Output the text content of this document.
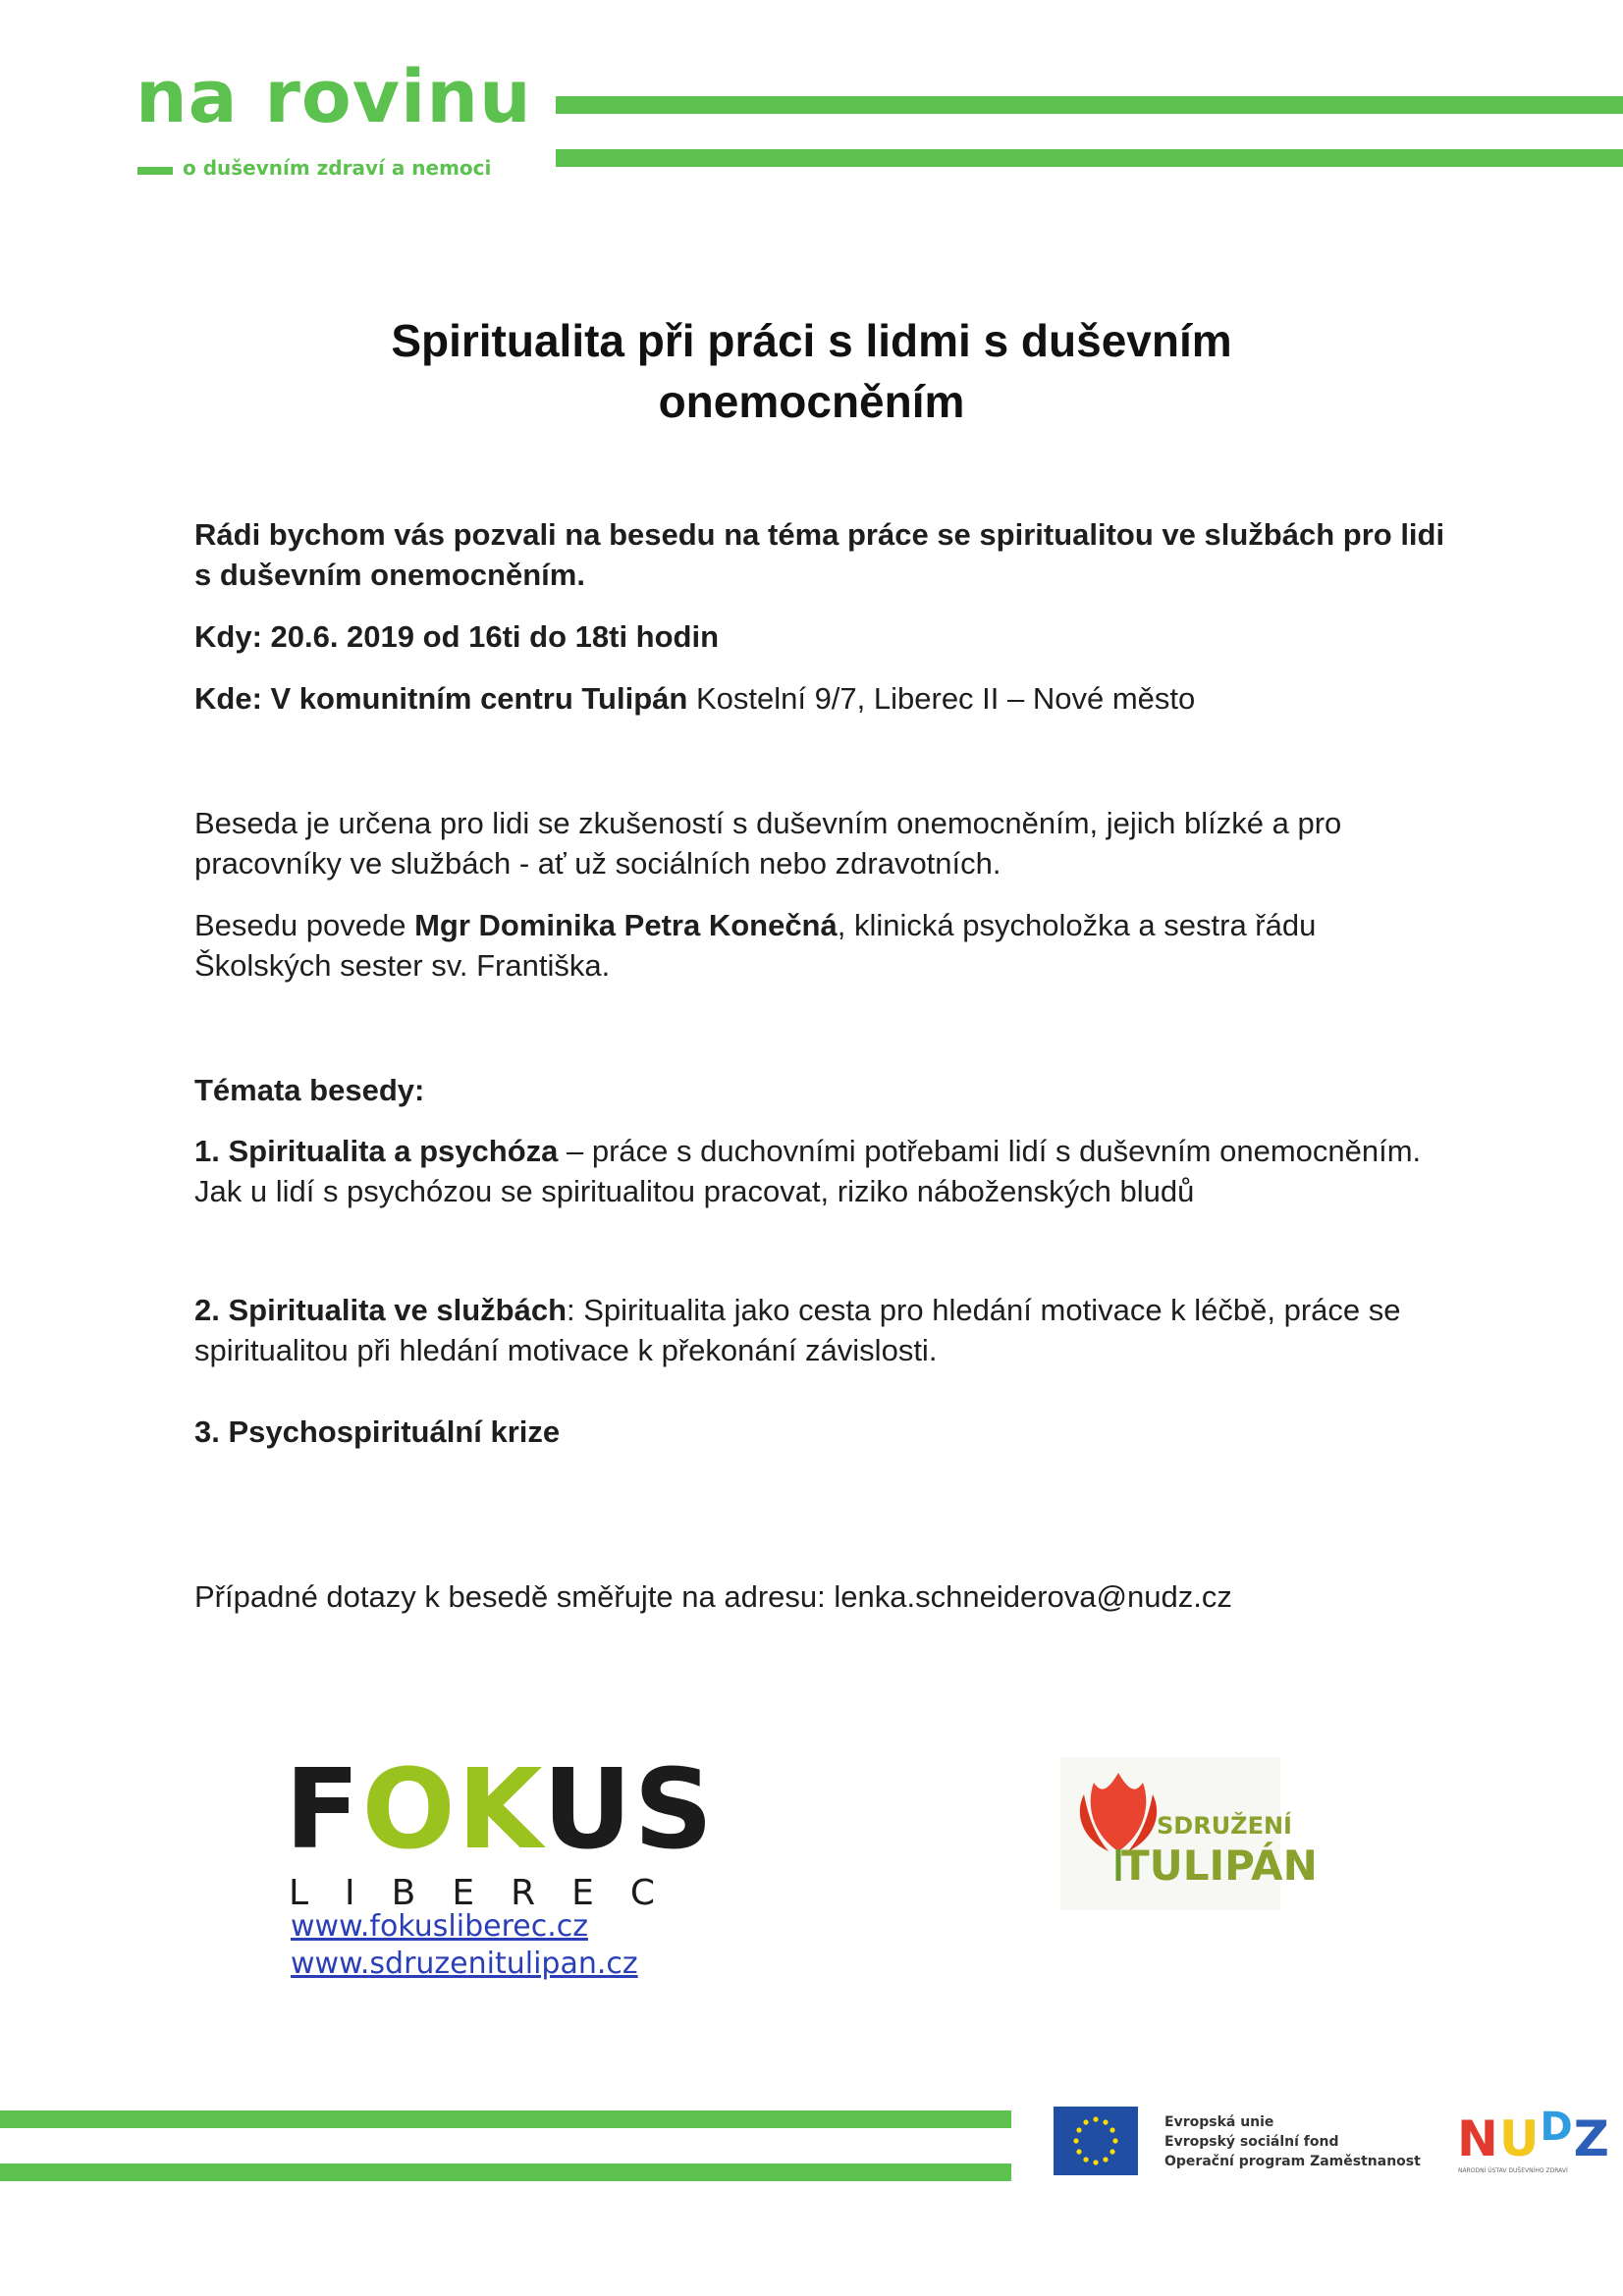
na rovinu
o duševním zdraví a nemoci
Spiritualita při práci s lidmi s duševním
onemocněním
Rádi bychom vás pozvali na besedu na téma práce se spiritualitou ve službách pro lidi s duševním onemocněním.
Kdy: 20.6. 2019 od 16ti do 18ti hodin
Kde: V komunitním centru Tulipán Kostelní 9/7, Liberec II – Nové město
Beseda je určena pro lidi se zkušeností s duševním onemocněním, jejich blízké a pro pracovníky ve službách - ať už sociálních nebo zdravotních.
Besedu povede Mgr Dominika Petra Konečná, klinická psycholožka a sestra řádu Školských sester sv. Františka.
Témata besedy:
1. Spiritualita a psychóza – práce s duchovními potřebami lidí s duševním onemocněním. Jak u lidí s psychózou se spiritualitou pracovat, riziko náboženských bludů
2. Spiritualita ve službách: Spiritualita jako cesta pro hledání motivace k léčbě, práce se spiritualitou při hledání motivace k překonání závislosti.
3. Psychospirituální krize
Případné dotazy k besedě směřujte na adresu: lenka.schneiderova@nudz.cz
FOKUS
LIBEREC
www.fokusliberec.cz
www.sdruzenitulipan.cz
SDRUŽENÍ
TULIPÁN
Evropská unie
Evropský sociální fond
Operační program Zaměstnanost $NU^DZ$
NÁRODNÍ ÚSTAV DUŠEVNÍHO ZDRAVÍ
